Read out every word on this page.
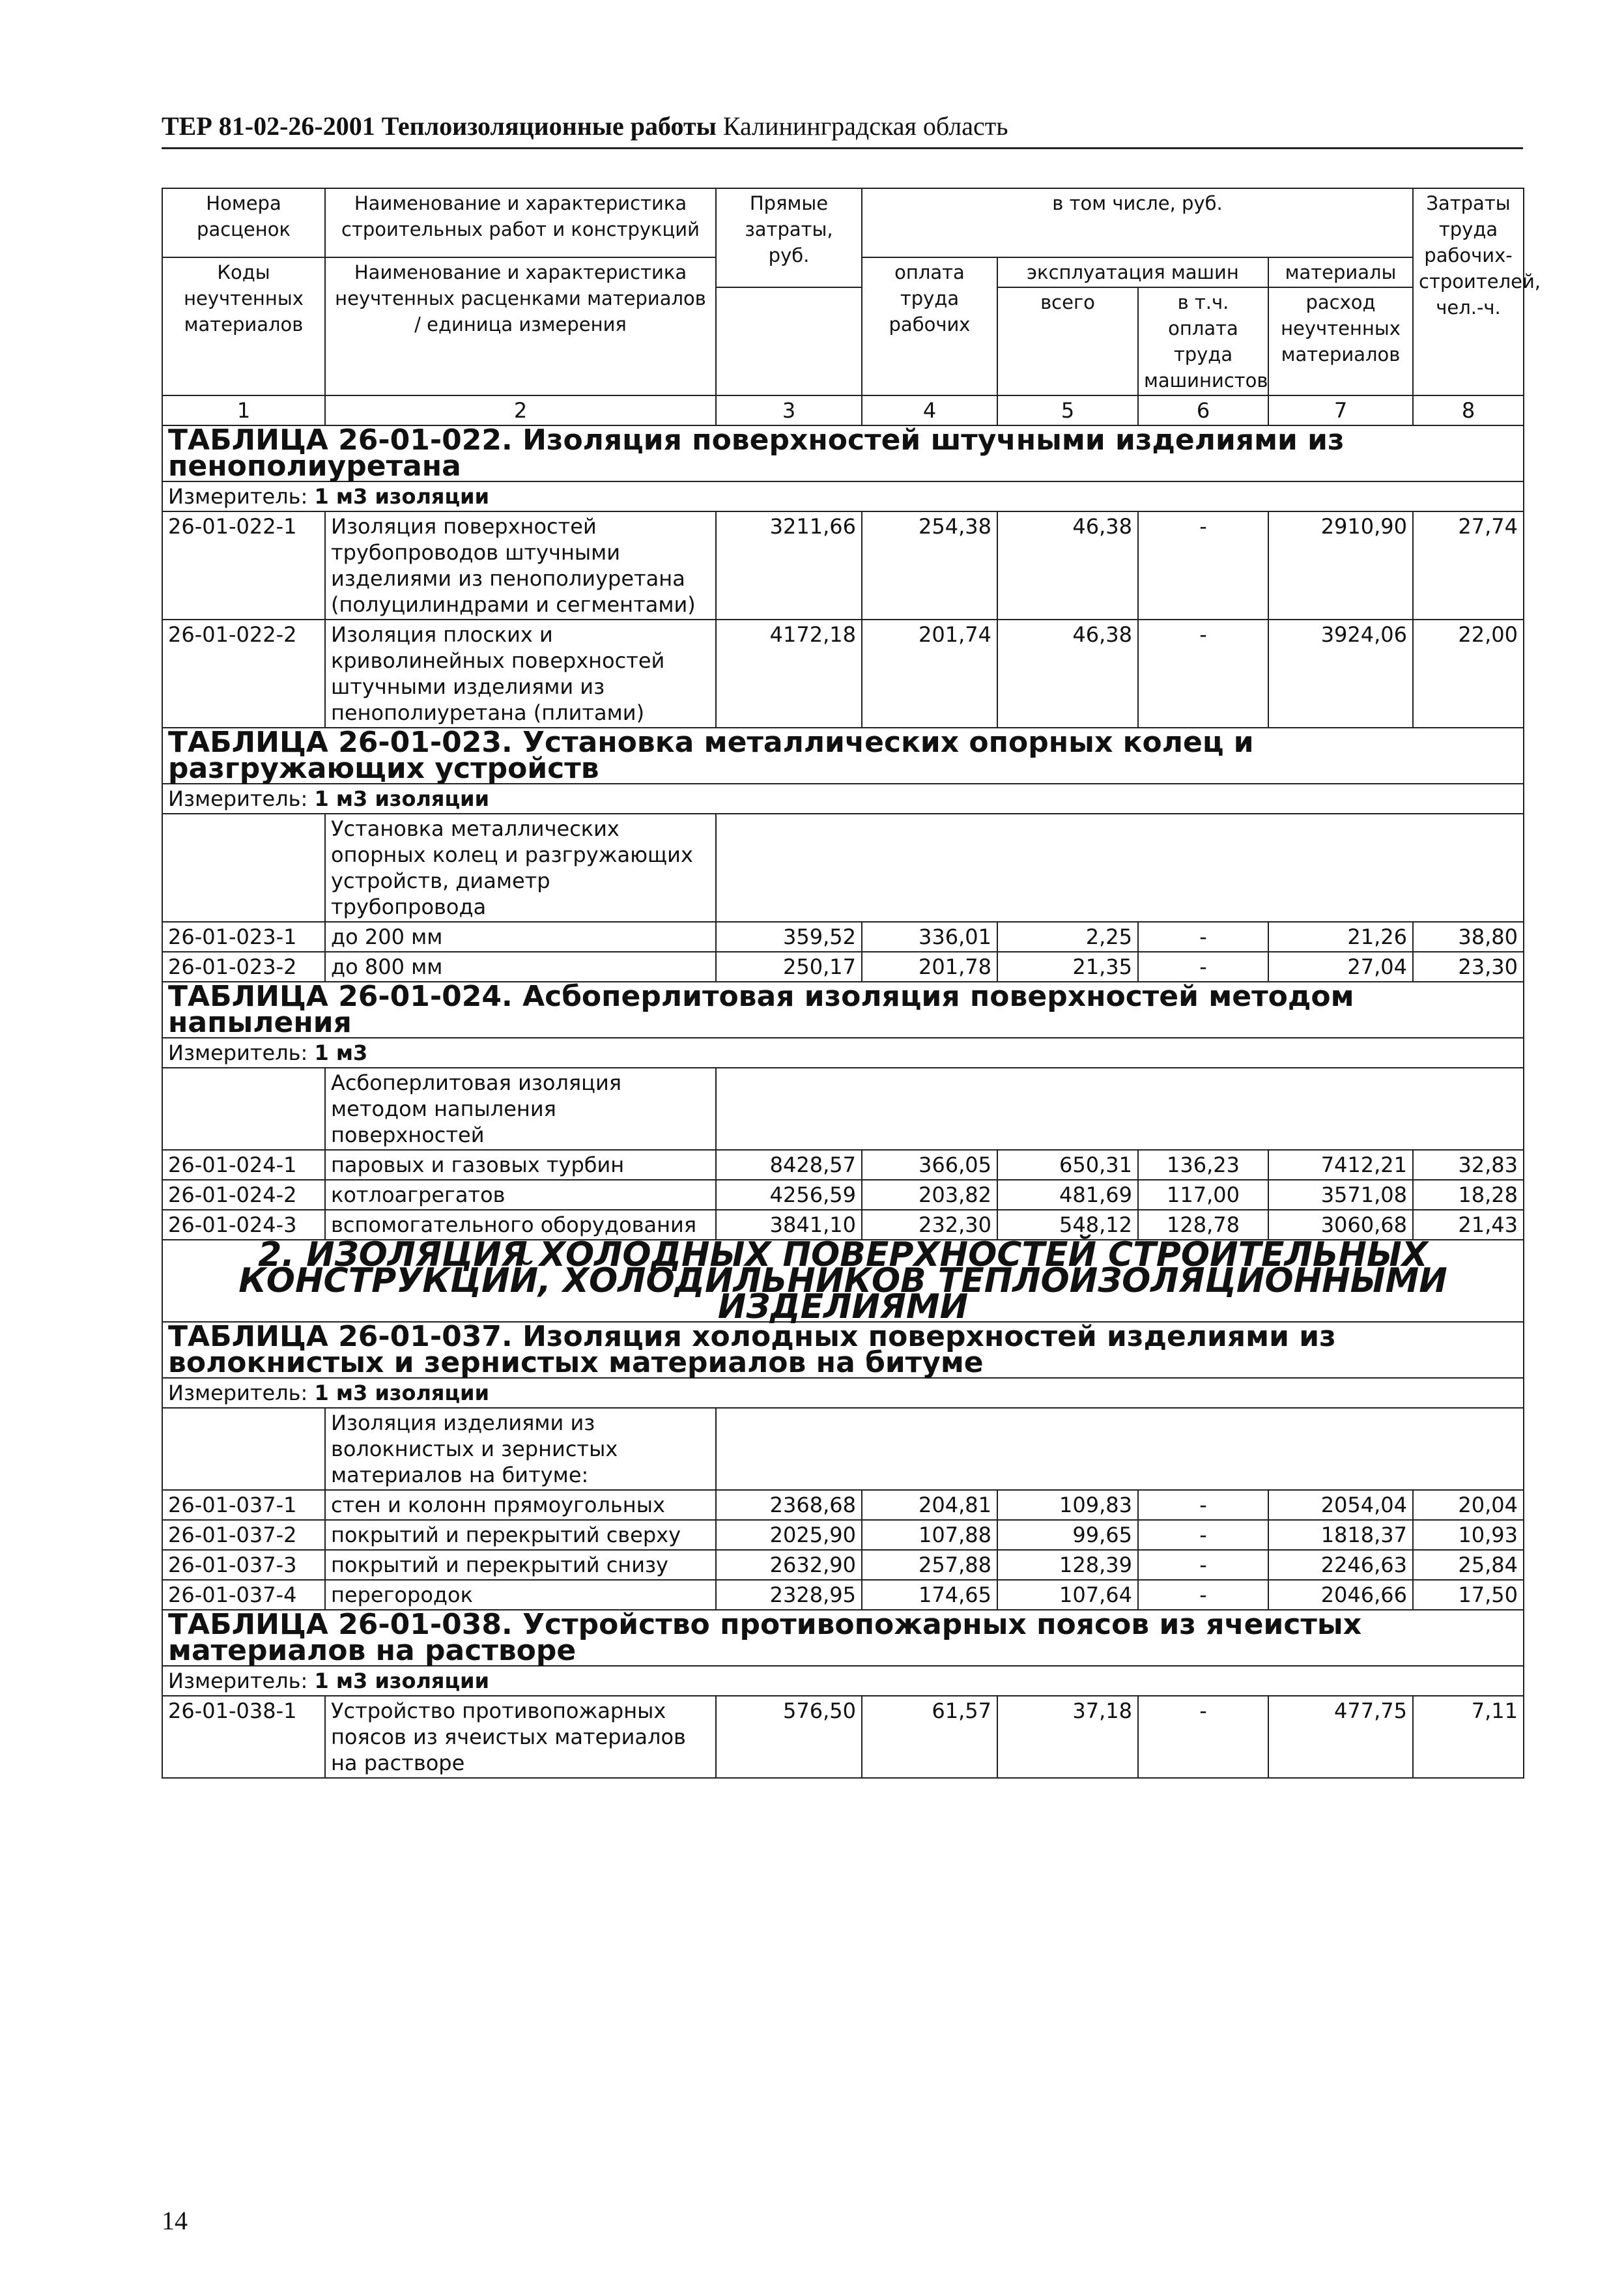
ТЕР 81-02-26-2001 Теплоизоляционные работы Калининградская область
Номера расценок	Наименование и характеристика строительных работ и конструкций	Прямые затраты, руб.	в том числе, руб.				Затраты труда рабочих-строителей, чел.-ч.
Коды неучтенных материалов	Наименование и характеристика неучтенных расценками материалов / единица измерения		оплата труда рабочих	эксплуатация машин		материалы	
				всего	в т.ч. оплата труда машинистов	расход неучтенных материалов	

1	2	3	4	5	6	7	8
ТАБЛИЦА 26-01-022. Изоляция поверхностей штучными изделиями из пенополиуретана							
Измеритель: 1 м3 изоляции							
26-01-022-1	Изоляция поверхностей трубопроводов штучными изделиями из пенополиуретана (полуцилиндрами и сегментами)	3211,66	254,38	46,38	-	2910,90	27,74
26-01-022-2	Изоляция плоских и криволинейных поверхностей штучными изделиями из пенополиуретана (плитами)	4172,18	201,74	46,38	-	3924,06	22,00
ТАБЛИЦА 26-01-023. Установка металлических опорных колец и разгружающих устройств							
Измеритель: 1 м3 изоляции							
	Установка металлических опорных колец и разгружающих устройств, диаметр трубопровода						
26-01-023-1	до 200 мм	359,52	336,01	2,25	-	21,26	38,80
26-01-023-2	до 800 мм	250,17	201,78	21,35	-	27,04	23,30
ТАБЛИЦА 26-01-024. Асбоперлитовая изоляция поверхностей методом напыления							
Измеритель: 1 м3							
	Асбоперлитовая изоляция методом напыления поверхностей						
26-01-024-1	паровых и газовых турбин	8428,57	366,05	650,31	136,23	7412,21	32,83
26-01-024-2	котлоагрегатов	4256,59	203,82	481,69	117,00	3571,08	18,28
26-01-024-3	вспомогательного оборудования	3841,10	232,30	548,12	128,78	3060,68	21,43
2. ИЗОЛЯЦИЯ ХОЛОДНЫХ ПОВЕРХНОСТЕЙ СТРОИТЕЛЬНЫХ КОНСТРУКЦИЙ, ХОЛОДИЛЬНИКОВ ТЕПЛОИЗОЛЯЦИОННЫМИ ИЗДЕЛИЯМИ							
ТАБЛИЦА 26-01-037. Изоляция холодных поверхностей изделиями из волокнистых и зернистых материалов на битуме							
Измеритель: 1 м3 изоляции							
	Изоляция изделиями из волокнистых и зернистых материалов на битуме:						
26-01-037-1	стен и колонн прямоугольных	2368,68	204,81	109,83	-	2054,04	20,04
26-01-037-2	покрытий и перекрытий сверху	2025,90	107,88	99,65	-	1818,37	10,93
26-01-037-3	покрытий и перекрытий снизу	2632,90	257,88	128,39	-	2246,63	25,84
26-01-037-4	перегородок	2328,95	174,65	107,64	-	2046,66	17,50
ТАБЛИЦА 26-01-038. Устройство противопожарных поясов из ячеистых материалов на растворе							
Измеритель: 1 м3 изоляции							
26-01-038-1	Устройство противопожарных поясов из ячеистых материалов на растворе	576,50	61,57	37,18	-	477,75	7,11
14
